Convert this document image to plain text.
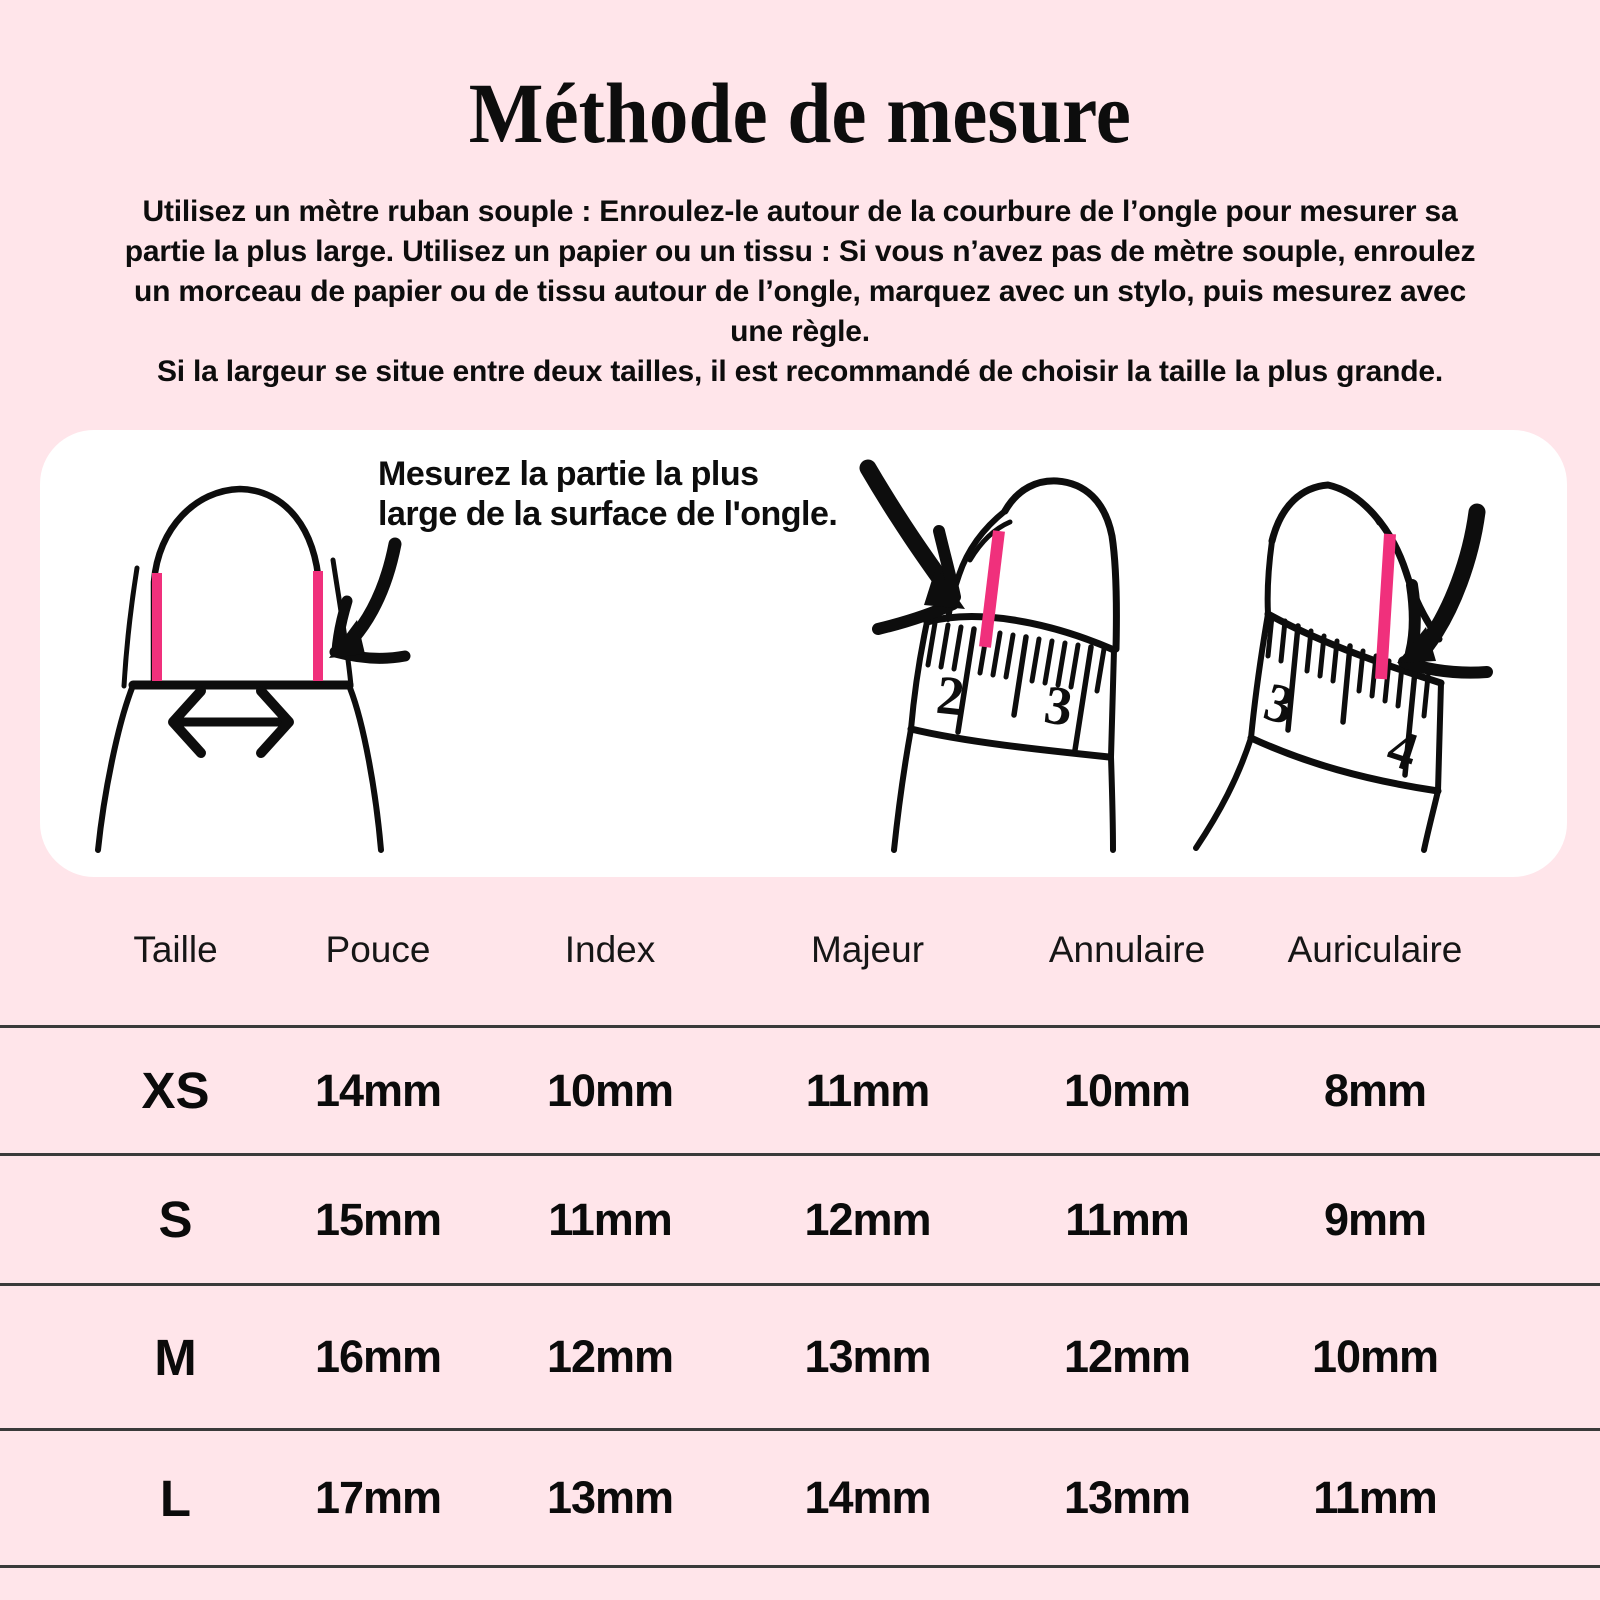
Méthode de mesure
Utilisez un mètre ruban souple : Enroulez-le autour de la courbure de l’ongle pour mesurer sa
partie la plus large. Utilisez un papier ou un tissu : Si vous n’avez pas de mètre souple, enroulez
un morceau de papier ou de tissu autour de l’ongle, marquez avec un stylo, puis mesurez avec
une règle.
Si la largeur se situe entre deux tailles, il est recommandé de choisir la taille la plus grande.
2 3	3
4
Mesurez la partie la plus
large de la surface de l'ongle.
Taille	Pouce	Index	Majeur	Annulaire	Auriculaire
XS	14mm	10mm	11mm	10mm	8mm
S	15mm	11mm	12mm	11mm	9mm
M	16mm	12mm	13mm	12mm	10mm
L	17mm	13mm	14mm	13mm	11mm
